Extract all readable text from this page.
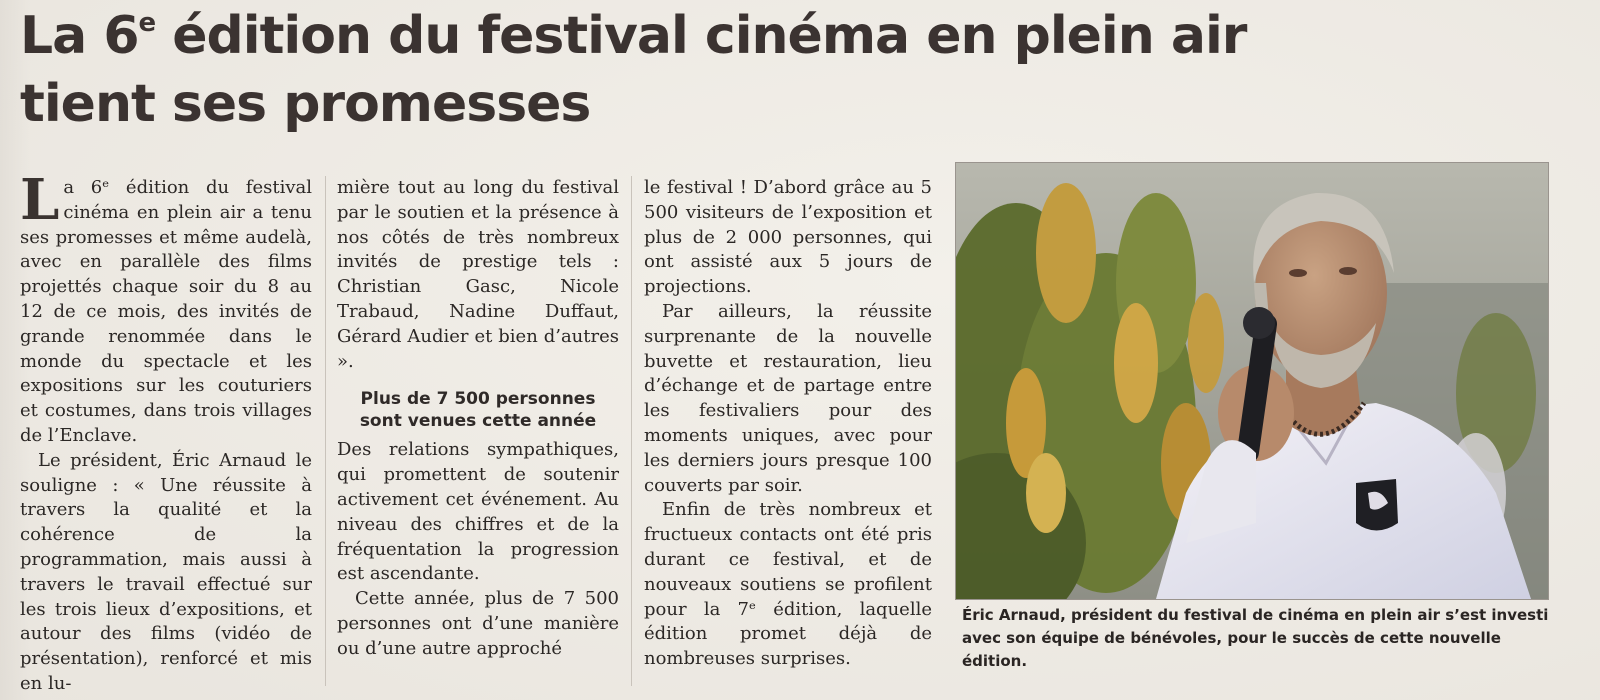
La 6e édition du festival cinéma en plein air
tient ses promesses

La 6ᵉ édition du festival cinéma en plein air a tenu ses promesses et même audelà, avec en parallèle des films projettés chaque soir du 8 au 12 de ce mois, des invités de grande renommée dans le monde du spectacle et les expositions sur les couturiers et costumes, dans trois villages de l’Enclave.

Le président, Éric Arnaud le souligne : « Une réussite à travers la qualité et la cohérence de la programmation, mais aussi à travers le travail effectué sur les trois lieux d’expositions, et autour des films (vidéo de présentation), renforcé et mis en lu-

mière tout au long du festival par le soutien et la présence à nos côtés de très nombreux invités de prestige tels : Christian Gasc, Nicole Trabaud, Nadine Duffaut, Gérard Audier et bien d’autres ».

Plus de 7 500 personnes
sont venues cette année

Des relations sympathiques, qui promettent de soutenir activement cet événement. Au niveau des chiffres et de la fréquentation la progression est ascendante.

Cette année, plus de 7 500 personnes ont d’une manière ou d’une autre approché

le festival ! D’abord grâce au 5 500 visiteurs de l’exposition et plus de 2 000 personnes, qui ont assisté aux 5 jours de projections.

Par ailleurs, la réussite surprenante de la nouvelle buvette et restauration, lieu d’échange et de partage entre les festivaliers pour des moments uniques, avec pour les derniers jours presque 100 couverts par soir.

Enfin de très nombreux et fructueux contacts ont été pris durant ce festival, et de nouveaux soutiens se profilent pour la 7ᵉ édition, laquelle édition promet déjà de nombreuses surprises.

Éric Arnaud, président du festival de cinéma en plein air s’est investi
avec son équipe de bénévoles, pour le succès de cette nouvelle édition.
